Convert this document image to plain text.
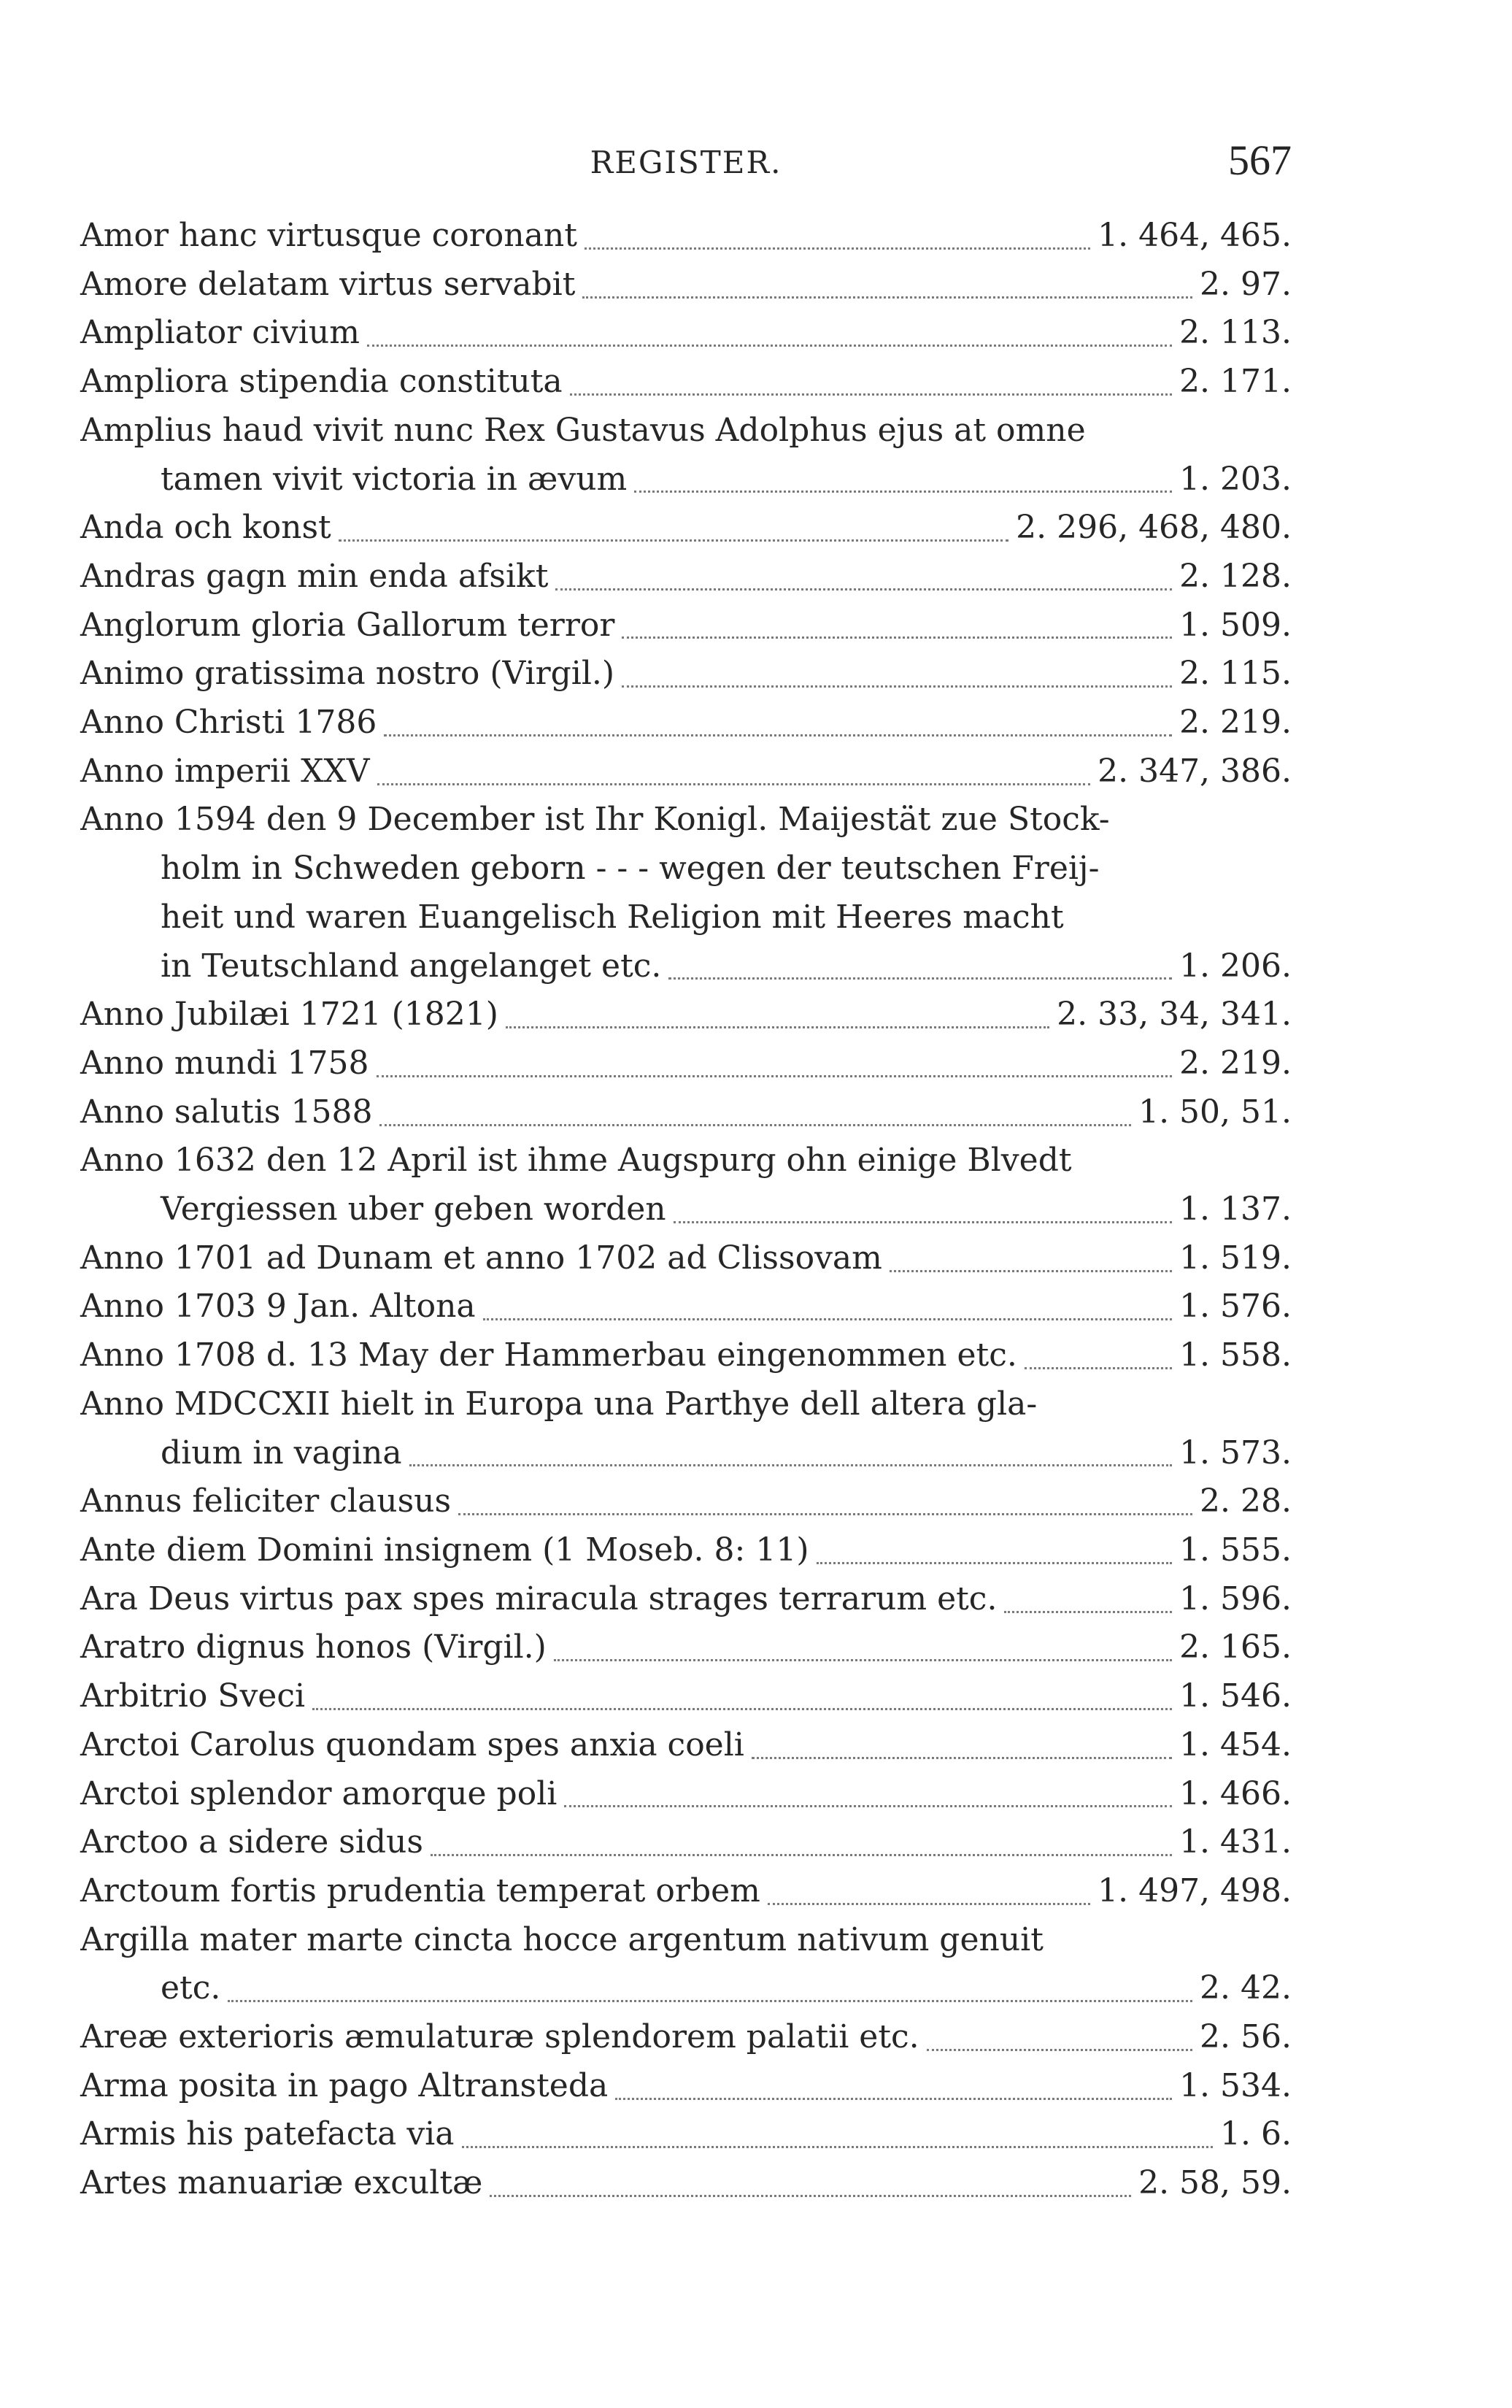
REGISTER.	567
Amor hanc virtusque coronant	1. 464, 465.
Amore delatam virtus servabit	2. 97.
Ampliator civium	2. 113.
Ampliora stipendia constituta	2. 171.
Amplius haud vivit nunc Rex Gustavus Adolphus ejus at omne
tamen vivit victoria in ævum	1. 203.
Anda och konst	2. 296, 468, 480.
Andras gagn min enda afsikt	2. 128.
Anglorum gloria Gallorum terror	1. 509.
Animo gratissima nostro (Virgil.)	2. 115.
Anno Christi 1786	2. 219.
Anno imperii XXV	2. 347, 386.
Anno 1594 den 9 December ist Ihr Konigl. Maijestät zue Stock-
holm in Schweden geborn - - - wegen der teutschen Freij-
heit und waren Euangelisch Religion mit Heeres macht
in Teutschland angelanget etc.	1. 206.
Anno Jubilæi 1721 (1821)	2. 33, 34, 341.
Anno mundi 1758	2. 219.
Anno salutis 1588	1. 50, 51.
Anno 1632 den 12 April ist ihme Augspurg ohn einige Blvedt
Vergiessen uber geben worden	1. 137.
Anno 1701 ad Dunam et anno 1702 ad Clissovam	1. 519.
Anno 1703 9 Jan. Altona	1. 576.
Anno 1708 d. 13 May der Hammerbau eingenommen etc.	1. 558.
Anno MDCCXII hielt in Europa una Parthye dell altera gla-
dium in vagina	1. 573.
Annus feliciter clausus	2. 28.
Ante diem Domini insignem (1 Moseb. 8: 11)	1. 555.
Ara Deus virtus pax spes miracula strages terrarum etc.	1. 596.
Aratro dignus honos (Virgil.)	2. 165.
Arbitrio Sveci	1. 546.
Arctoi Carolus quondam spes anxia coeli	1. 454.
Arctoi splendor amorque poli	1. 466.
Arctoo a sidere sidus	1. 431.
Arctoum fortis prudentia temperat orbem	1. 497, 498.
Argilla mater marte cincta hocce argentum nativum genuit
etc.	2. 42.
Areæ exterioris æmulaturæ splendorem palatii etc.	2. 56.
Arma posita in pago Altransteda	1. 534.
Armis his patefacta via	1. 6.
Artes manuariæ excultæ	2. 58, 59.
